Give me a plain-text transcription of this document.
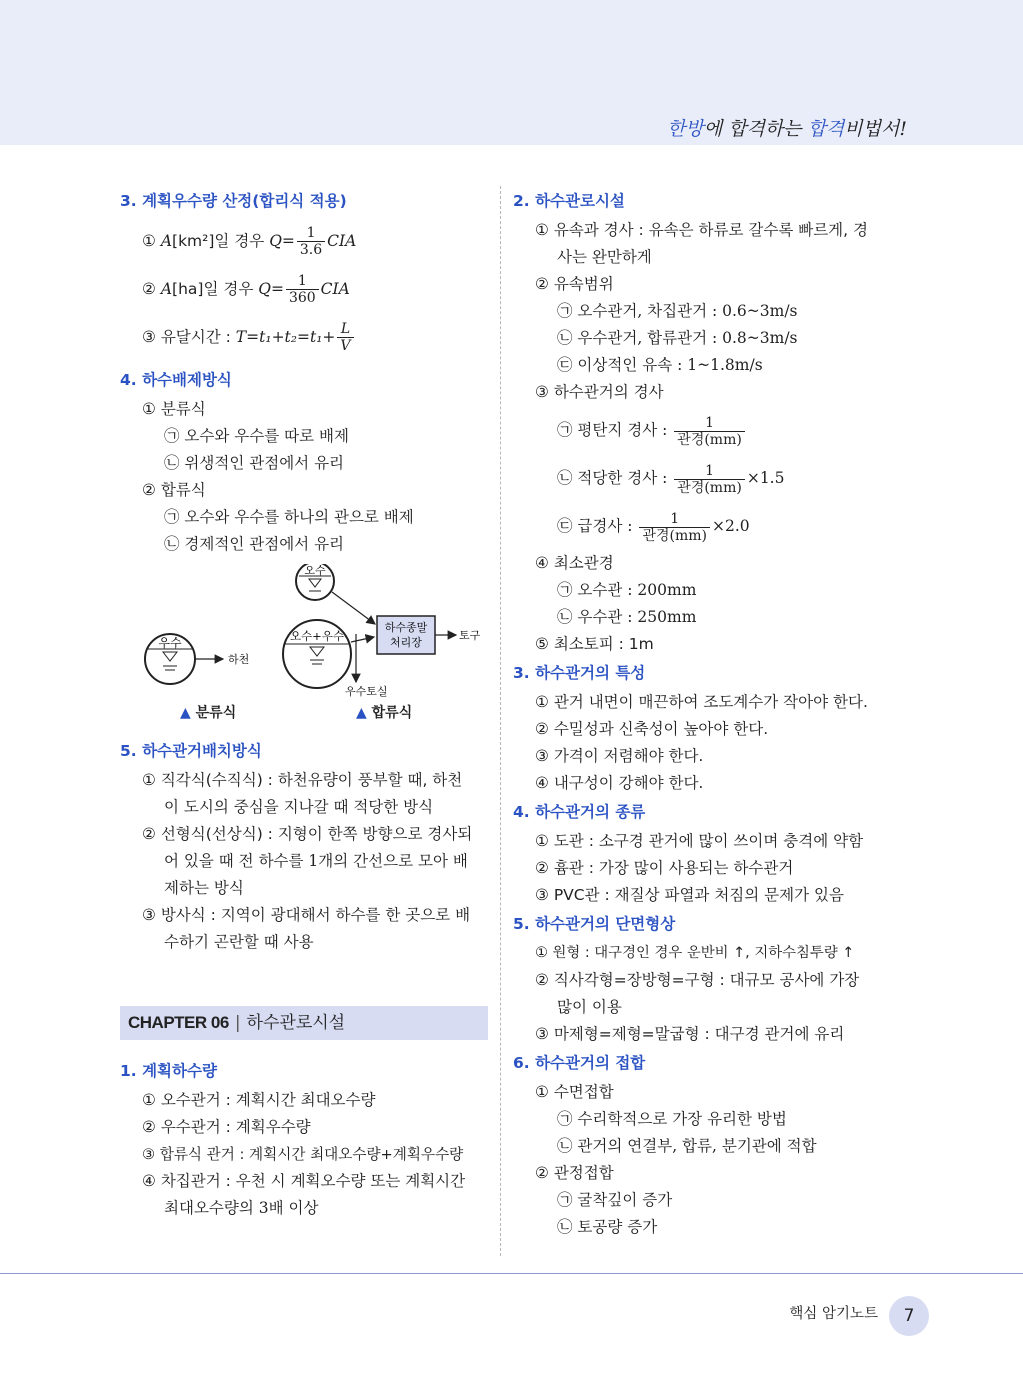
한방에 합격하는 합격비법서!

3. 계획우수량 산정(합리식 적용)

① A[km²]일 경우 $Q= \frac{1}{3.6}$ CIA

② A[ha]일 경우 $Q= \frac{1}{360}$ CIA

③ 유달시간 : $T=t_1+t_2=t_1+ \frac{L}{V}$

4. 하수배제방식

① 분류식

㉠ 오수와 우수를 따로 배제

㉡ 위생적인 관점에서 유리

② 합류식

㉠ 오수와 우수를 하나의 관으로 배제

㉡ 경제적인 관점에서 유리

우수
하천
오수
오수+우수
우수토실
하수종말
처리장
토구
▲ 분류식	▲ 합류식

5. 하수관거배치방식

① 직각식(수직식) : 하천유량이 풍부할 때, 하천

이 도시의 중심을 지나갈 때 적당한 방식

② 선형식(선상식) : 지형이 한쪽 방향으로 경사되

어 있을 때 전 하수를 1개의 간선으로 모아 배

제하는 방식

③ 방사식 : 지역이 광대해서 하수를 한 곳으로 배

수하기 곤란할 때 사용

CHAPTER 06 | 하수관로시설

1. 계획하수량

① 오수관거 : 계획시간 최대오수량

② 우수관거 : 계획우수량

③ 합류식 관거 : 계획시간 최대오수량+계획우수량

④ 차집관거 : 우천 시 계획오수량 또는 계획시간

최대오수량의 3배 이상

2. 하수관로시설

① 유속과 경사 : 유속은 하류로 갈수록 빠르게, 경

사는 완만하게

② 유속범위

㉠ 오수관거, 차집관거 : 0.6~3m/s

㉡ 우수관거, 합류관거 : 0.8~3m/s

㉢ 이상적인 유속 : 1~1.8m/s

③ 하수관거의 경사

㉠ 평탄지 경사 : $\frac{1}{\text{관경(mm)}}$

㉡ 적당한 경사 : $\frac{1}{\text{관경(mm)}} \times 1.5$

㉢ 급경사 : $\frac{1}{\text{관경(mm)}} \times 2.0$

④ 최소관경

㉠ 오수관 : 200mm

㉡ 우수관 : 250mm

⑤ 최소토피 : 1m

3. 하수관거의 특성

① 관거 내면이 매끈하여 조도계수가 작아야 한다.

② 수밀성과 신축성이 높아야 한다.

③ 가격이 저렴해야 한다.

④ 내구성이 강해야 한다.

4. 하수관거의 종류

① 도관 : 소구경 관거에 많이 쓰이며 충격에 약함

② 흄관 : 가장 많이 사용되는 하수관거

③ PVC관 : 재질상 파열과 처짐의 문제가 있음

5. 하수관거의 단면형상

① 원형 : 대구경인 경우 운반비 ↑, 지하수침투량 ↑

② 직사각형=장방형=구형 : 대규모 공사에 가장

많이 이용

③ 마제형=제형=말굽형 : 대구경 관거에 유리

6. 하수관거의 접합

① 수면접합

㉠ 수리학적으로 가장 유리한 방법

㉡ 관거의 연결부, 합류, 분기관에 적합

② 관정접합

㉠ 굴착깊이 증가

㉡ 토공량 증가

핵심 암기노트	7
